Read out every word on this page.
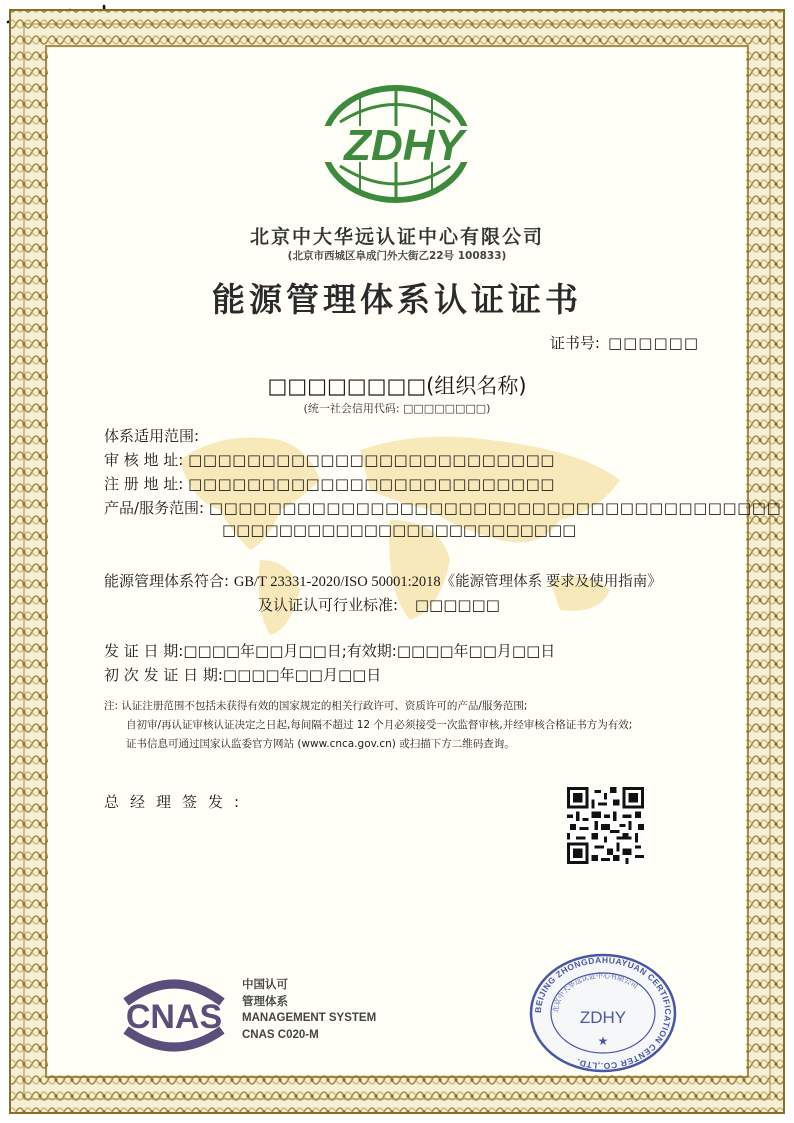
ZDHY
北京中大华远认证中心有限公司
(北京市西城区阜成门外大街乙22号 100833)
能源管理体系认证证书
证书号: □□□□□□
□□□□□□□□(组织名称)
(统一社会信用代码: □□□□□□□□)
体系适用范围:
审 核 地 址: □□□□□□□□□□□□□□□□□□□□□□□□□
注 册 地 址: □□□□□□□□□□□□□□□□□□□□□□□□□
产品/服务范围: □□□□□□□□□□□□□□□□□□□□□□□□□□□□□□□□□□□□□□□
□□□□□□□□□□□□□□□□□□□□□□□□□
能源管理体系符合: GB/T 23331-2020/ISO 50001:2018《能源管理体系 要求及使用指南》
及认证认可行业标准: □□□□□□
发 证 日 期:□□□□年□□月□□日;有效期:□□□□年□□月□□日
初 次 发 证 日 期:□□□□年□□月□□日
注: 认证注册范围不包括未获得有效的国家规定的相关行政许可、资质许可的产品/服务范围;
自初审/再认证审核认证决定之日起,每间隔不超过 12 个月必须接受一次监督审核,并经审核合格证书方为有效;
证书信息可通过国家认监委官方网站 (www.cnca.gov.cn) 或扫描下方二维码查询。
总经理签发:
CNAS
中国认可
管理体系
MANAGEMENT SYSTEM
CNAS C020-M
BEIJING ZHONGDAHUAYUAN CERTIFICATION CENTER CO.,LTD.
北京中大华远认证中心有限公司
ZDHY
★
